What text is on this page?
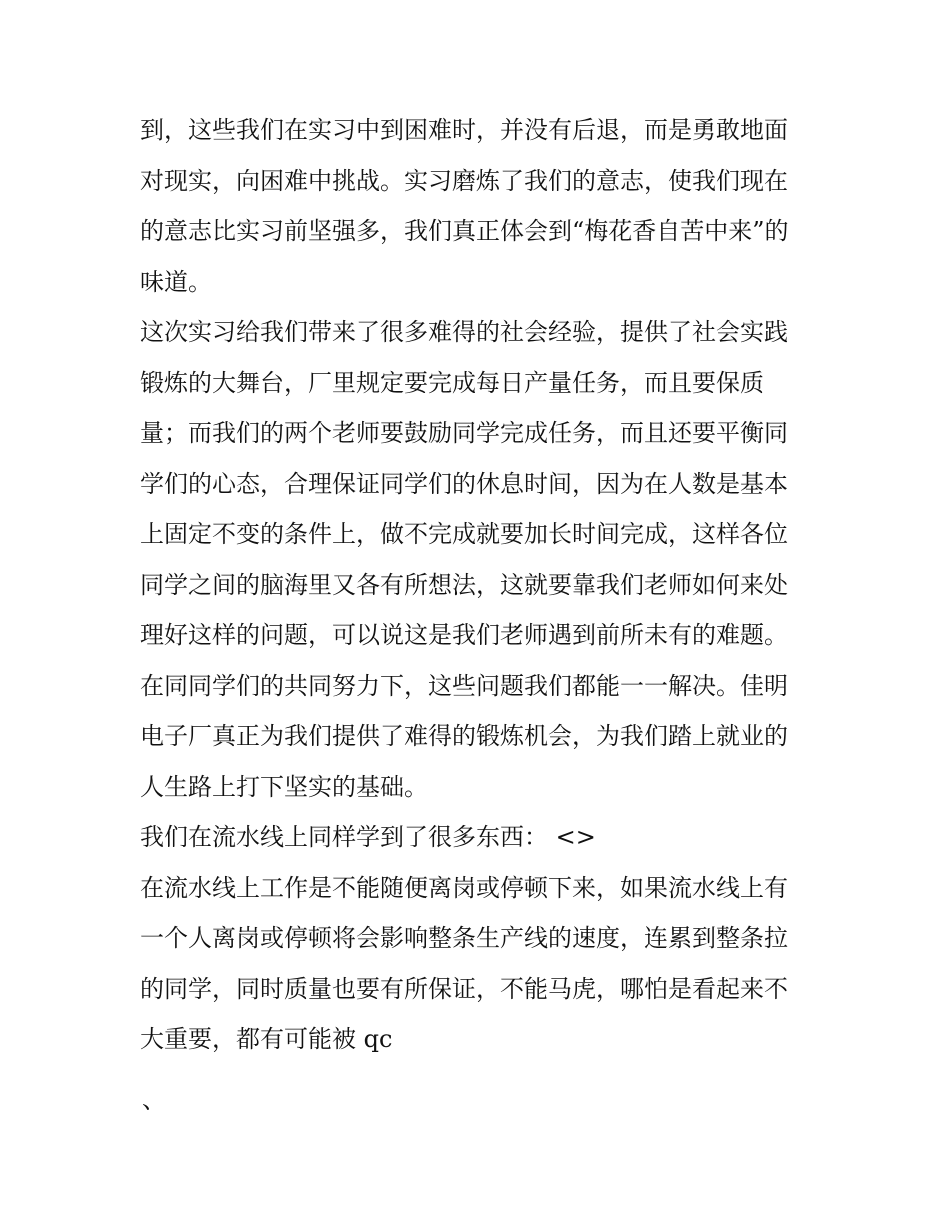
到，这些我们在实习中到困难时，并没有后退，而是勇敢地面
对现实，向困难中挑战。实习磨炼了我们的意志，使我们现在
的意志比实习前坚强多，我们真正体会到“梅花香自苦中来”的
味道。
这次实习给我们带来了很多难得的社会经验，提供了社会实践
锻炼的大舞台，厂里规定要完成每日产量任务，而且要保质
量；而我们的两个老师要鼓励同学完成任务，而且还要平衡同
学们的心态，合理保证同学们的休息时间，因为在人数是基本
上固定不变的条件上，做不完成就要加长时间完成，这样各位
同学之间的脑海里又各有所想法，这就要靠我们老师如何来处
理好这样的问题，可以说这是我们老师遇到前所未有的难题。
在同同学们的共同努力下，这些问题我们都能一一解决。佳明
电子厂真正为我们提供了难得的锻炼机会，为我们踏上就业的
人生路上打下坚实的基础。
我们在流水线上同样学到了很多东西： <>
在流水线上工作是不能随便离岗或停顿下来，如果流水线上有
一个人离岗或停顿将会影响整条生产线的速度，连累到整条拉
的同学，同时质量也要有所保证，不能马虎，哪怕是看起来不
大重要，都有可能被 qc
、
